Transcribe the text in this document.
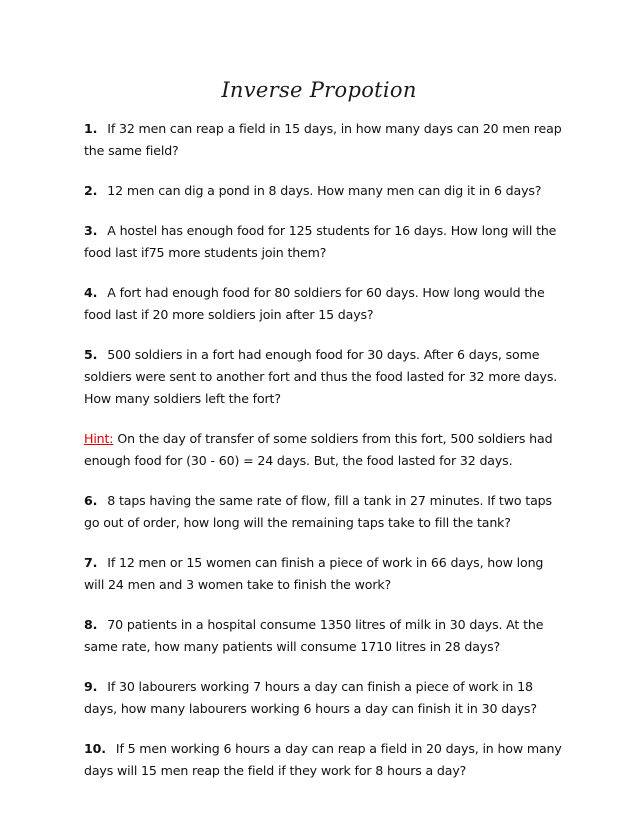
Inverse Propotion

1. If 32 men can reap a field in 15 days, in how many days can 20 men reap the same field?

2. 12 men can dig a pond in 8 days. How many men can dig it in 6 days?

3. A hostel has enough food for 125 students for 16 days. How long will the food last if75 more students join them?

4. A fort had enough food for 80 soldiers for 60 days. How long would the food last if 20 more soldiers join after 15 days?

5. 500 soldiers in a fort had enough food for 30 days. After 6 days, some soldiers were sent to another fort and thus the food lasted for 32 more days. How many soldiers left the fort?

Hint: On the day of transfer of some soldiers from this fort, 500 soldiers had enough food for (30 - 60) = 24 days. But, the food lasted for 32 days.

6. 8 taps having the same rate of flow, fill a tank in 27 minutes. If two taps go out of order, how long will the remaining taps take to fill the tank?

7. If 12 men or 15 women can finish a piece of work in 66 days, how long will 24 men and 3 women take to finish the work?

8. 70 patients in a hospital consume 1350 litres of milk in 30 days. At the same rate, how many patients will consume 1710 litres in 28 days?

9. If 30 labourers working 7 hours a day can finish a piece of work in 18 days, how many labourers working 6 hours a day can finish it in 30 days?

10. If 5 men working 6 hours a day can reap a field in 20 days, in how many days will 15 men reap the field if they work for 8 hours a day?
